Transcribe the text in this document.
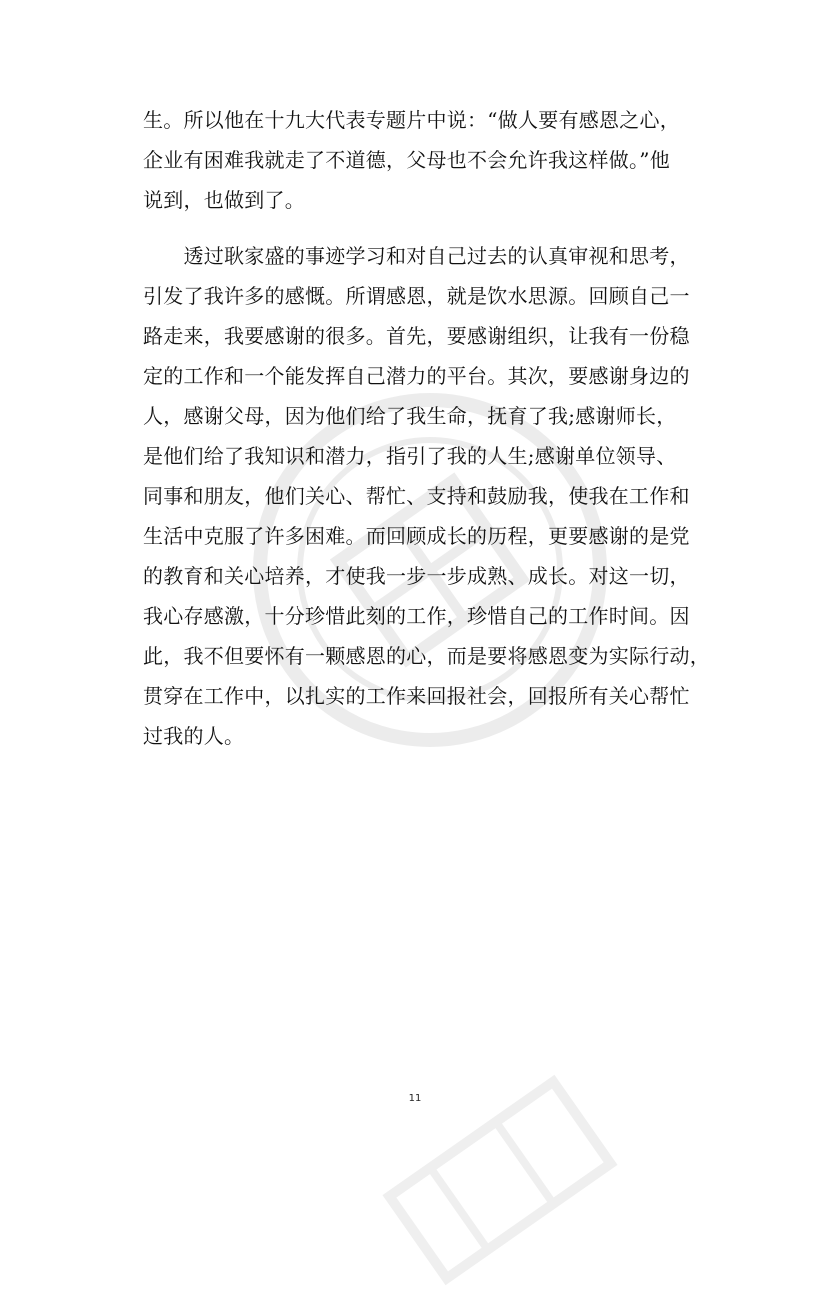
生。所以他在十九大代表专题片中说：“做人要有感恩之心，
企业有困难我就走了不道德，父母也不会允许我这样做。”他
说到，也做到了。
　　透过耿家盛的事迹学习和对自己过去的认真审视和思考，
引发了我许多的感慨。所谓感恩，就是饮水思源。回顾自己一
路走来，我要感谢的很多。首先，要感谢组织，让我有一份稳
定的工作和一个能发挥自己潜力的平台。其次，要感谢身边的
人，感谢父母，因为他们给了我生命，抚育了我;感谢师长，
是他们给了我知识和潜力，指引了我的人生;感谢单位领导、
同事和朋友，他们关心、帮忙、支持和鼓励我，使我在工作和
生活中克服了许多困难。而回顾成长的历程，更要感谢的是党
的教育和关心培养，才使我一步一步成熟、成长。对这一切，
我心存感激，十分珍惜此刻的工作，珍惜自己的工作时间。因
此，我不但要怀有一颗感恩的心，而是要将感恩变为实际行动，
贯穿在工作中，以扎实的工作来回报社会，回报所有关心帮忙
过我的人。
11
